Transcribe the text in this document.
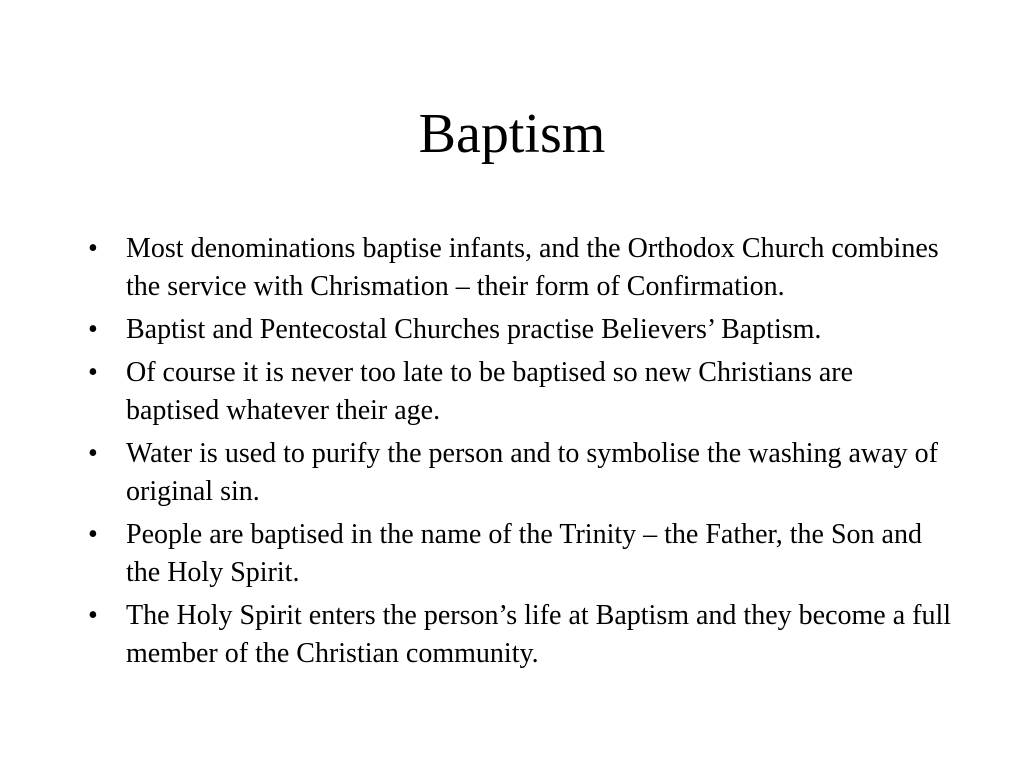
Baptism
• Most denominations baptise infants, and the Orthodox Church combines the service with Chrismation – their form of Confirmation.
• Baptist and Pentecostal Churches practise Believers’ Baptism.
• Of course it is never too late to be baptised so new Christians are baptised whatever their age.
• Water is used to purify the person and to symbolise the washing away of original sin.
• People are baptised in the name of the Trinity – the Father, the Son and the Holy Spirit.
• The Holy Spirit enters the person’s life at Baptism and they become a full member of the Christian community.
